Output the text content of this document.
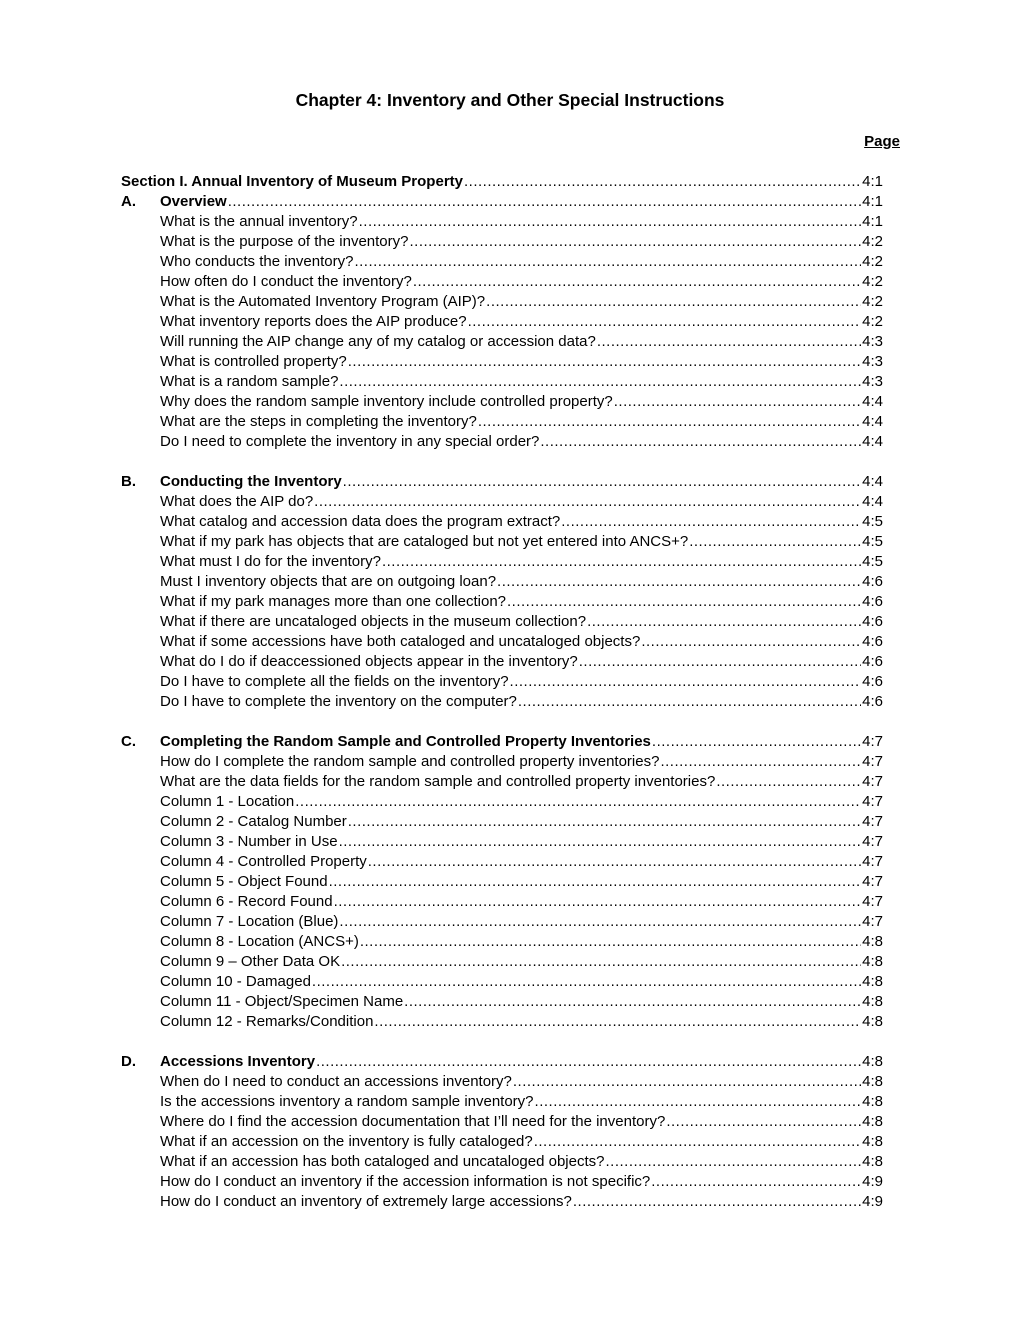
Chapter 4: Inventory and Other Special Instructions
Page
Section I. Annual Inventory of Museum Property .....	4:1
A.	Overview .....	4:1
What is the annual inventory? .....	4:1
What is the purpose of the inventory? .....	4:2
Who conducts the inventory? .....	4:2
How often do I conduct the inventory? .....	4:2
What is the Automated Inventory Program (AIP)? .....	4:2
What inventory reports does the AIP produce? .....	4:2
Will running the AIP change any of my catalog or accession data? .....	4:3
What is controlled property? .....	4:3
What is a random sample? .....	4:3
Why does the random sample inventory include controlled property? .....	4:4
What are the steps in completing the inventory? .....	4:4
Do I need to complete the inventory in any special order? .....	4:4
B.	Conducting the Inventory .....	4:4
What does the AIP do? .....	4:4
What catalog and accession data does the program extract? .....	4:5
What if my park has objects that are cataloged but not yet entered into ANCS+? .....	4:5
What must I do for the inventory? .....	4:5
Must I inventory objects that are on outgoing loan? .....	4:6
What if my park manages more than one collection? .....	4:6
What if there are uncataloged objects in the museum collection? .....	4:6
What if some accessions have both cataloged and uncataloged objects? .....	4:6
What do I do if deaccessioned objects appear in the inventory? .....	4:6
Do I have to complete all the fields on the inventory? .....	4:6
Do I have to complete the inventory on the computer? .....	4:6
C.	Completing the Random Sample and Controlled Property Inventories .....	4:7
How do I complete the random sample and controlled property inventories? .....	4:7
What are the data fields for the random sample and controlled property inventories? .....	4:7
Column 1 - Location .....	4:7
Column 2 - Catalog Number .....	4:7
Column 3 - Number in Use .....	4:7
Column 4 - Controlled Property .....	4:7
Column 5 - Object Found .....	4:7
Column 6 - Record Found .....	4:7
Column 7 - Location (Blue) .....	4:7
Column 8 - Location (ANCS+) .....	4:8
Column 9 – Other Data OK .....	4:8
Column 10 - Damaged .....	4:8
Column 11 - Object/Specimen Name .....	4:8
Column 12 - Remarks/Condition .....	4:8
D.	Accessions Inventory .....	4:8
When do I need to conduct an accessions inventory? .....	4:8
Is the accessions inventory a random sample inventory? .....	4:8
Where do I find the accession documentation that I’ll need for the inventory? .....	4:8
What if an accession on the inventory is fully cataloged? .....	4:8
What if an accession has both cataloged and uncataloged objects? .....	4:8
How do I conduct an inventory if the accession information is not specific? .....	4:9
How do I conduct an inventory of extremely large accessions? .....	4:9
